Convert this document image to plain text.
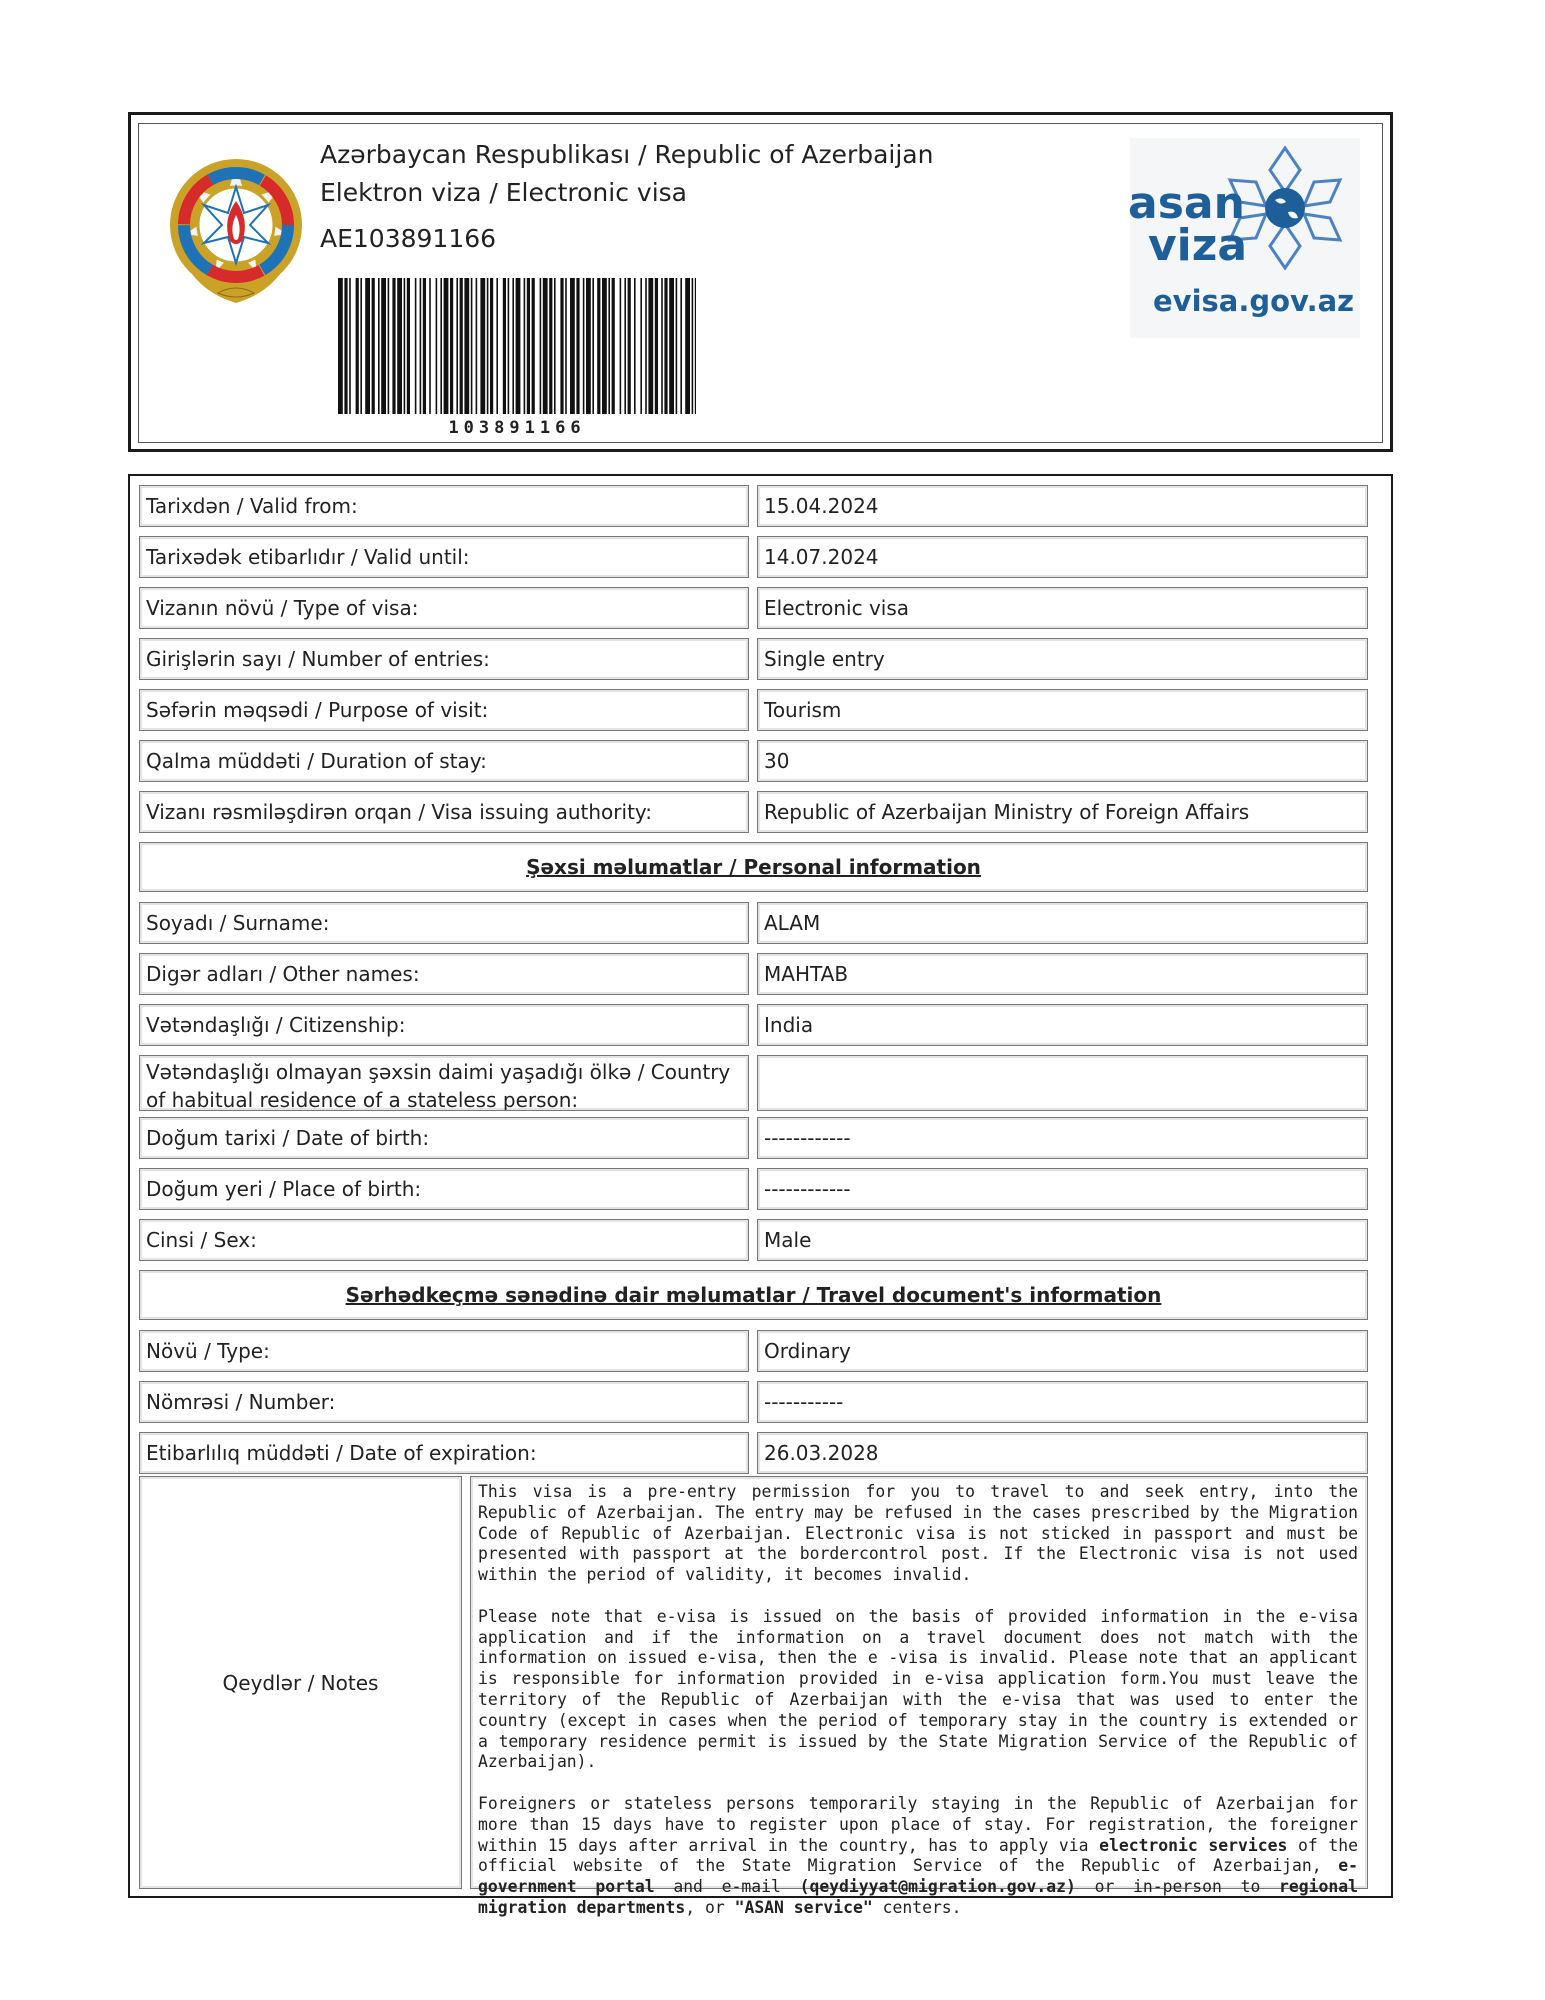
Azərbaycan Respublikası / Republic of Azerbaijan
Elektron viza / Electronic visa
AE103891166
103891166
asan
viza
evisa.gov.az
Tarixdən / Valid from:	15.04.2024
Tarixədək etibarlıdır / Valid until:	14.07.2024
Vizanın növü / Type of visa:	Electronic visa
Girişlərin sayı / Number of entries:	Single entry
Səfərin məqsədi / Purpose of visit:	Tourism
Qalma müddəti / Duration of stay:	30
Vizanı rəsmiləşdirən orqan / Visa issuing authority:	Republic of Azerbaijan Ministry of Foreign Affairs
Şəxsi məlumatlar / Personal information
Soyadı / Surname:	ALAM
Digər adları / Other names:	MAHTAB
Vətəndaşlığı / Citizenship:	India
Vətəndaşlığı olmayan şəxsin daimi yaşadığı ölkə / Country of habitual residence of a stateless person:
Doğum tarixi / Date of birth:	------------
Doğum yeri / Place of birth:	------------
Cinsi / Sex:	Male
Sərhədkeçmə sənədinə dair məlumatlar / Travel document's information
Növü / Type:	Ordinary
Nömrəsi / Number:	-----------
Etibarlılıq müddəti / Date of expiration:	26.03.2028
Qeydlər / Notes

This visa is a pre-entry permission for you to travel to and seek entry, into the Republic of Azerbaijan. The entry may be refused in the cases prescribed by the Migration Code of Republic of Azerbaijan. Electronic visa is not sticked in passport and must be presented with passport at the bordercontrol post. If the Electronic visa is not used within the period of validity, it becomes invalid.

Please note that e-visa is issued on the basis of provided information in the e-visa application and if the information on a travel document does not match with the information on issued e-visa, then the e -visa is invalid. Please note that an applicant is responsible for information provided in e-visa application form.You must leave the territory of the Republic of Azerbaijan with the e-visa that was used to enter the country (except in cases when the period of temporary stay in the country is extended or a temporary residence permit is issued by the State Migration Service of the Republic of Azerbaijan).

Foreigners or stateless persons temporarily staying in the Republic of Azerbaijan for more than 15 days have to register upon place of stay. For registration, the foreigner within 15 days after arrival in the country, has to apply via electronic services of the official website of the State Migration Service of the Republic of Azerbaijan, e-government portal and e-mail (qeydiyyat@migration.gov.az) or in-person to regional migration departments, or "ASAN service" centers.
